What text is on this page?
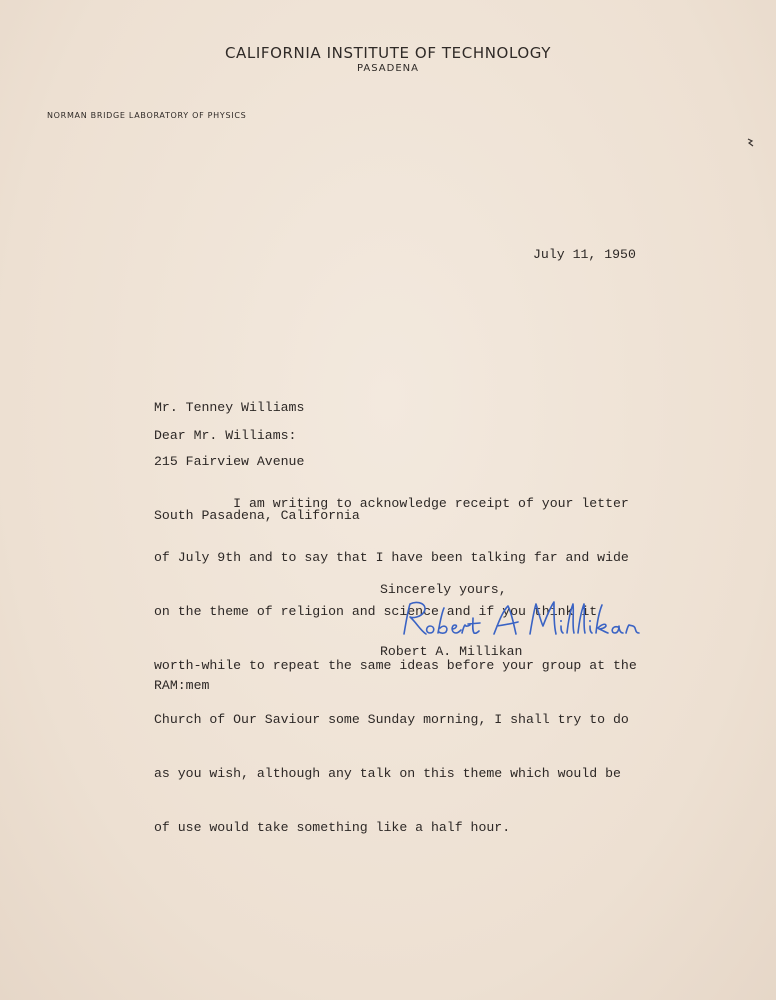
CALIFORNIA INSTITUTE OF TECHNOLOGY
PASADENA
NORMAN BRIDGE LABORATORY OF PHYSICS
July 11, 1950

Mr. Tenney Williams

215 Fairview Avenue

South Pasadena, California

Dear Mr. Williams:

I am writing to acknowledge receipt of your letter

of July 9th and to say that I have been talking far and wide

on the theme of religion and science and if you think it

worth-while to repeat the same ideas before your group at the

Church of Our Saviour some Sunday morning, I shall try to do

as you wish, although any talk on this theme which would be

of use would take something like a half hour.

Sincerely yours,
Robert A. Millikan
RAM:mem
